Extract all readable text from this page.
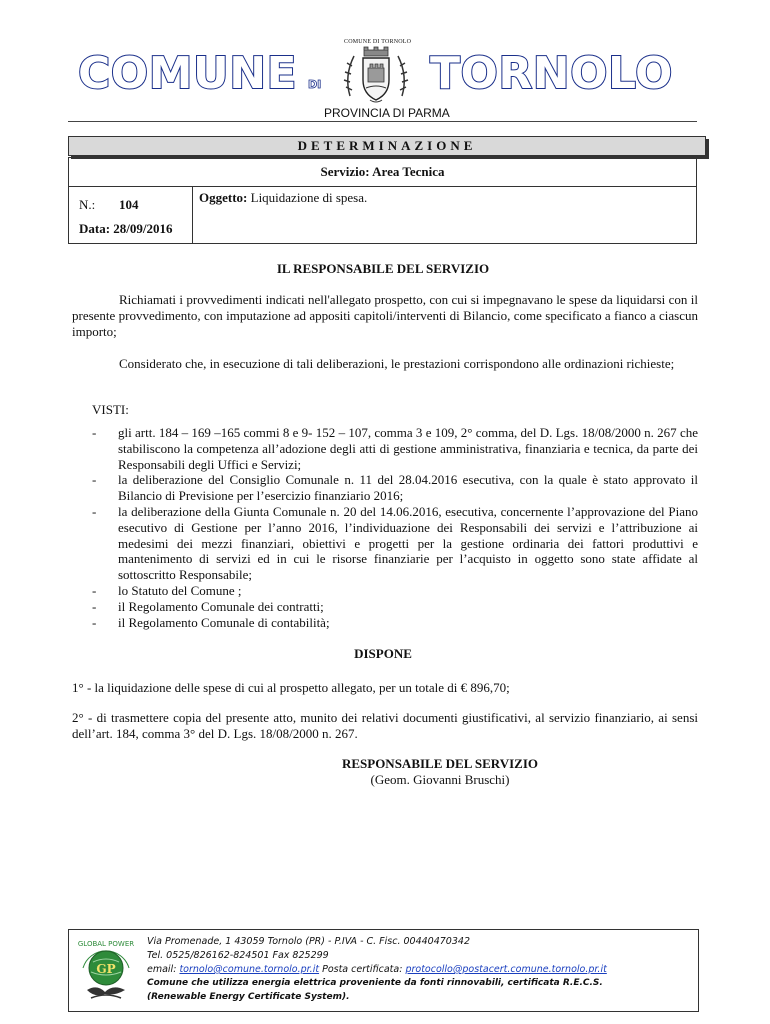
COMUNE DI
COMUNE DI TORNOLO
TORNOLO
PROVINCIA DI PARMA
DETERMINAZIONE
Servizio: Area Tecnica
N.: 104
Data: 28/09/2016
Oggetto: Liquidazione di spesa.
IL RESPONSABILE DEL SERVIZIO
Richiamati i provvedimenti indicati nell'allegato prospetto, con cui si impegnavano le spese da liquidarsi con il presente provvedimento, con imputazione ad appositi capitoli/interventi di Bilancio, come specificato a fianco a ciascun importo;
Considerato che, in esecuzione di tali deliberazioni, le prestazioni corrispondono alle ordinazioni richieste;
VISTI:
- gli artt. 184 – 169 –165 commi 8 e 9- 152 – 107, comma 3 e 109, 2° comma, del D. Lgs. 18/08/2000 n. 267 che stabiliscono la competenza all’adozione degli atti di gestione amministrativa, finanziaria e tecnica, da parte dei Responsabili degli Uffici e Servizi;
- la deliberazione del Consiglio Comunale n. 11 del 28.04.2016 esecutiva, con la quale è stato approvato il Bilancio di Previsione per l’esercizio finanziario 2016;
- la deliberazione della Giunta Comunale n. 20 del 14.06.2016, esecutiva, concernente l’approvazione del Piano esecutivo di Gestione per l’anno 2016, l’individuazione dei Responsabili dei servizi e l’attribuzione ai medesimi dei mezzi finanziari, obiettivi e progetti per la gestione ordinaria dei fattori produttivi e mantenimento di servizi ed in cui le risorse finanziarie per l’acquisto in oggetto sono state affidate al sottoscritto Responsabile;
- lo Statuto del Comune ;
- il Regolamento Comunale dei contratti;
- il Regolamento Comunale di contabilità;
DISPONE
1° - la liquidazione delle spese di cui al prospetto allegato, per un totale di € 896,70;
2° - di trasmettere copia del presente atto, munito dei relativi documenti giustificativi, al servizio finanziario, ai sensi dell’art. 184, comma 3° del D. Lgs. 18/08/2000 n. 267.
RESPONSABILE DEL SERVIZIO
(Geom. Giovanni Bruschi)
GLOBAL POWER
GP
Via Promenade, 1 43059 Tornolo (PR) - P.IVA - C. Fisc. 00440470342
Tel. 0525/826162-824501 Fax 825299
email: tornolo@comune.tornolo.pr.it Posta certificata: protocollo@postacert.comune.tornolo.pr.it
Comune che utilizza energia elettrica proveniente da fonti rinnovabili, certificata R.E.C.S.
(Renewable Energy Certificate System).
